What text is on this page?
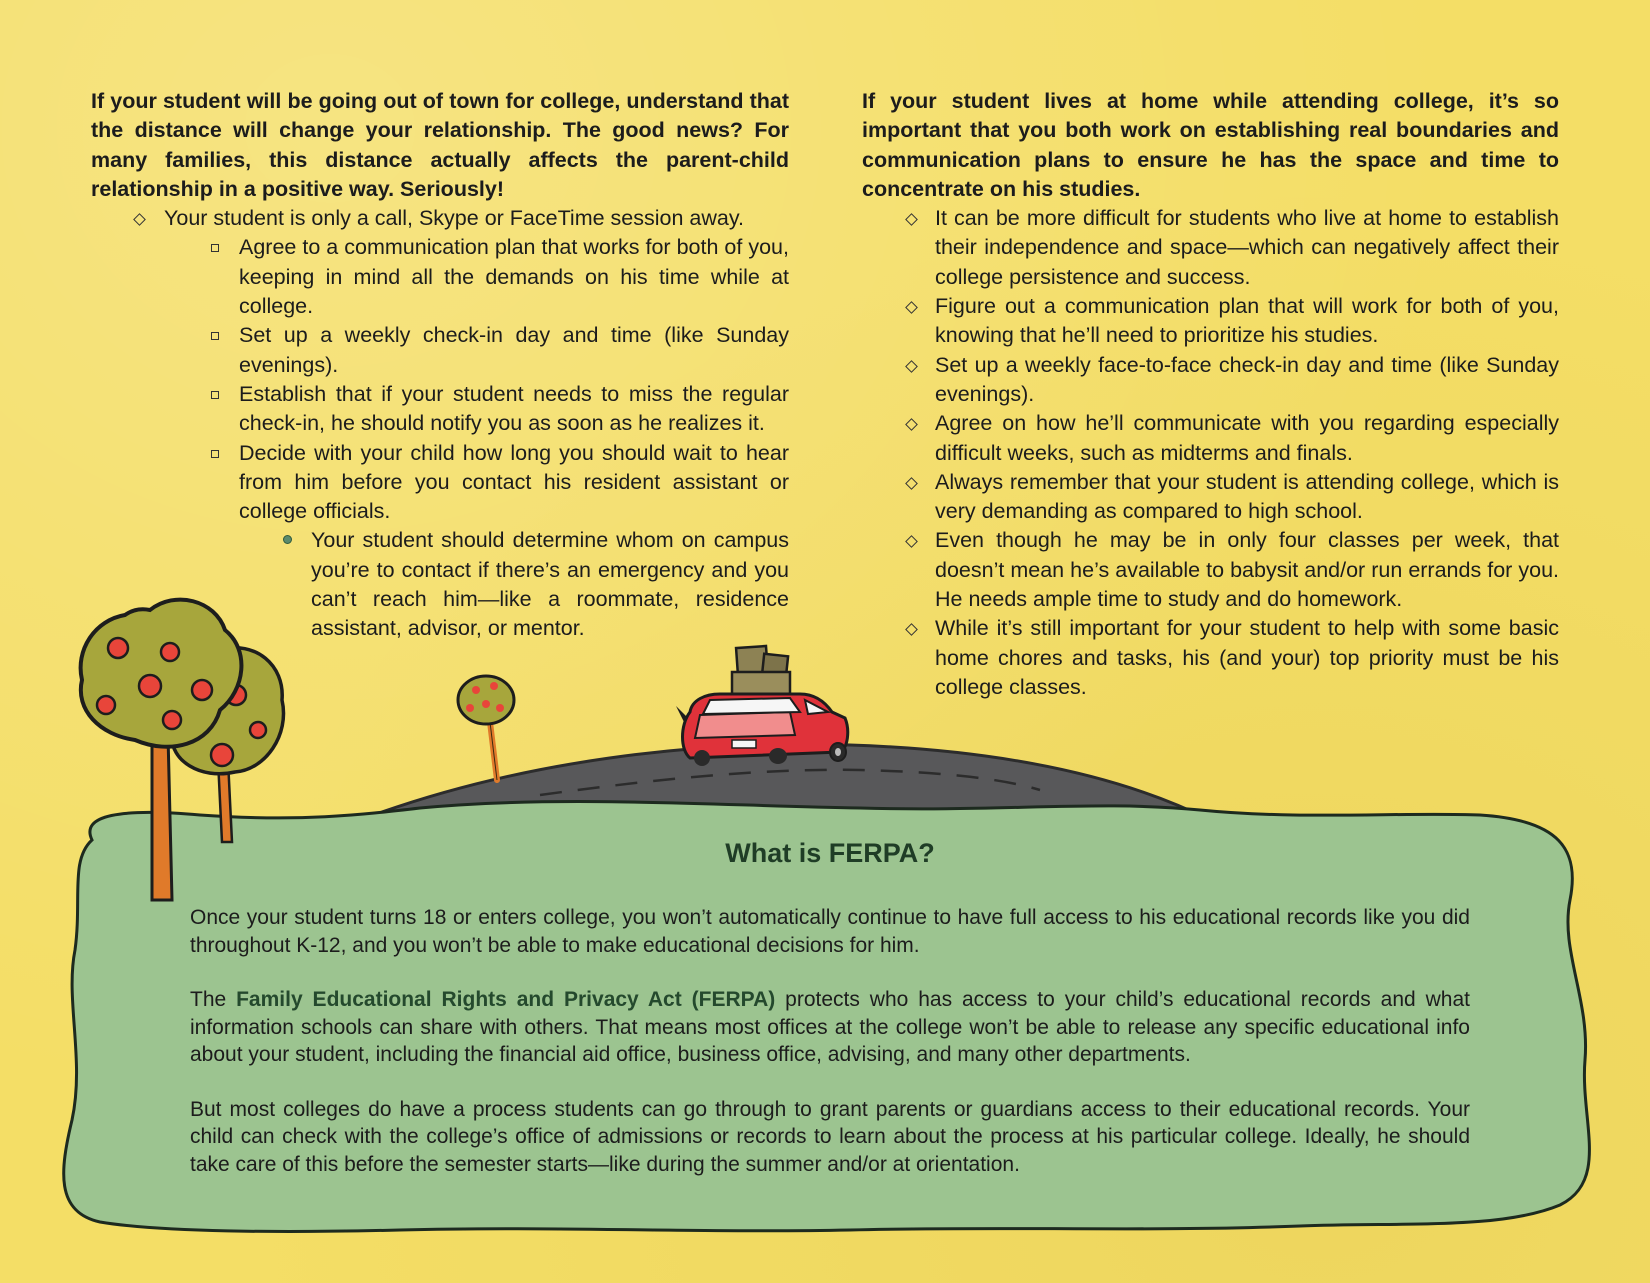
If your student will be going out of town for college, understand that the distance will change your relationship. The good news? For many families, this distance actually affects the parent-child relationship in a positive way. Seriously!

Your student is only a call, Skype or FaceTime session away.
Agree to a communication plan that works for both of you, keeping in mind all the demands on his time while at college.
Set up a weekly check-in day and time (like Sunday evenings).
Establish that if your student needs to miss the regular check-in, he should notify you as soon as he realizes it.
Decide with your child how long you should wait to hear from him before you contact his resident assistant or college officials.
Your student should determine whom on campus you’re to contact if there’s an emergency and you can’t reach him—like a roommate, residence assistant, advisor, or mentor.

If your student lives at home while attending college, it’s so important that you both work on establishing real boundaries and communication plans to ensure he has the space and time to concentrate on his studies.

It can be more difficult for students who live at home to establish their independence and space—which can negatively affect their college persistence and success.
Figure out a communication plan that will work for both of you, knowing that he’ll need to prioritize his studies.
Set up a weekly face-to-face check-in day and time (like Sunday evenings).
Agree on how he’ll communicate with you regarding especially difficult weeks, such as midterms and finals.
Always remember that your student is attending college, which is very demanding as compared to high school.
Even though he may be in only four classes per week, that doesn’t mean he’s available to babysit and/or run errands for you. He needs ample time to study and do homework.
While it’s still important for your student to help with some basic home chores and tasks, his (and your) top priority must be his college classes.
What is FERPA?

Once your student turns 18 or enters college, you won’t automatically continue to have full access to his educational records like you did throughout K-12, and you won’t be able to make educational decisions for him.

The Family Educational Rights and Privacy Act (FERPA) protects who has access to your child’s educational records and what information schools can share with others. That means most offices at the college won’t be able to release any specific educational info about your student, including the financial aid office, business office, advising, and many other departments.

But most colleges do have a process students can go through to grant parents or guardians access to their educational records. Your child can check with the college’s office of admissions or records to learn about the process at his particular college. Ideally, he should take care of this before the semester starts—like during the summer and/or at orientation.
